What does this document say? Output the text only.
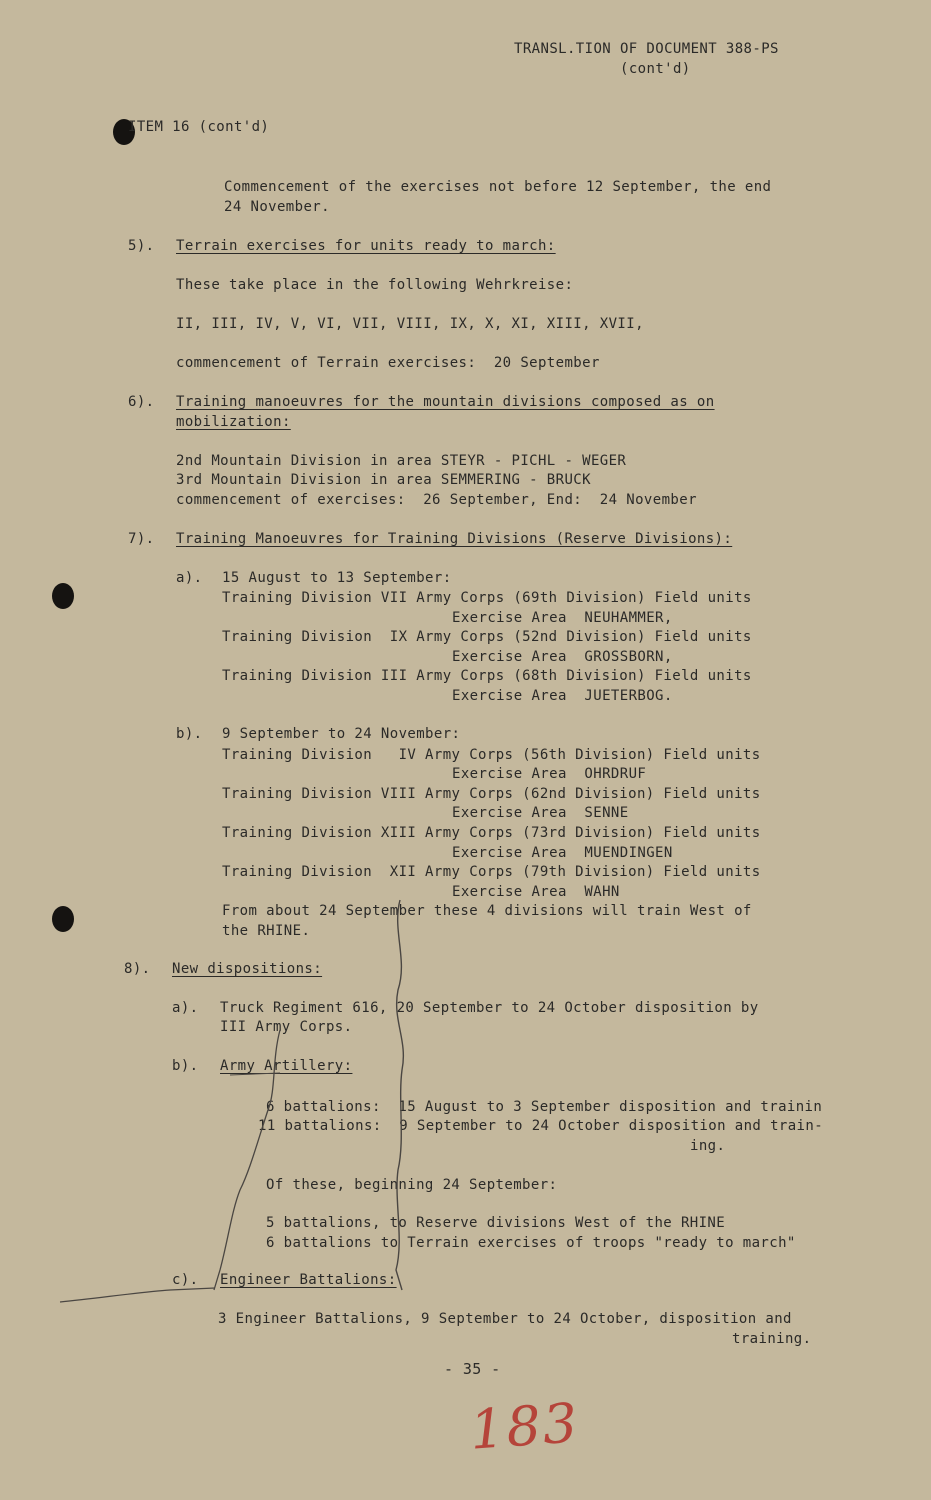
TRANSL.TION OF DOCUMENT 388-PS
(cont'd)
ITEM 16 (cont'd)
Commencement of the exercises not before 12 September, the end
24 November.
5). Terrain exercises for units ready to march:
These take place in the following Wehrkreise:
II, III, IV, V, VI, VII, VIII, IX, X, XI, XIII, XVII,
commencement of Terrain exercises:  20 September
6). Training manoeuvres for the mountain divisions composed as on
mobilization:
2nd Mountain Division in area STEYR - PICHL - WEGER
3rd Mountain Division in area SEMMERING - BRUCK
commencement of exercises:  26 September, End:  24 November
7). Training Manoeuvres for Training Divisions (Reserve Divisions):
a). 15 August to 13 September:
Training Division VII Army Corps (69th Division) Field units
Exercise Area  NEUHAMMER,
Training Division  IX Army Corps (52nd Division) Field units
Exercise Area  GROSSBORN,
Training Division III Army Corps (68th Division) Field units
Exercise Area  JUETERBOG.
b). 9 September to 24 November:
Training Division   IV Army Corps (56th Division) Field units
Exercise Area  OHRDRUF
Training Division VIII Army Corps (62nd Division) Field units
Exercise Area  SENNE
Training Division XIII Army Corps (73rd Division) Field units
Exercise Area  MUENDINGEN
Training Division  XII Army Corps (79th Division) Field units
Exercise Area  WAHN
From about 24 September these 4 divisions will train West of
the RHINE.
8). New dispositions:
a). Truck Regiment 616, 20 September to 24 October disposition by
III Army Corps.
b). Army Artillery:
6 battalions:  15 August to 3 September disposition and trainin
11 battalions:  9 September to 24 October disposition and train-
ing.
Of these, beginning 24 September:
5 battalions, to Reserve divisions West of the RHINE
6 battalions to Terrain exercises of troops "ready to march"
c). Engineer Battalions:
3 Engineer Battalions, 9 September to 24 October, disposition and
training.
- 35 -
183
